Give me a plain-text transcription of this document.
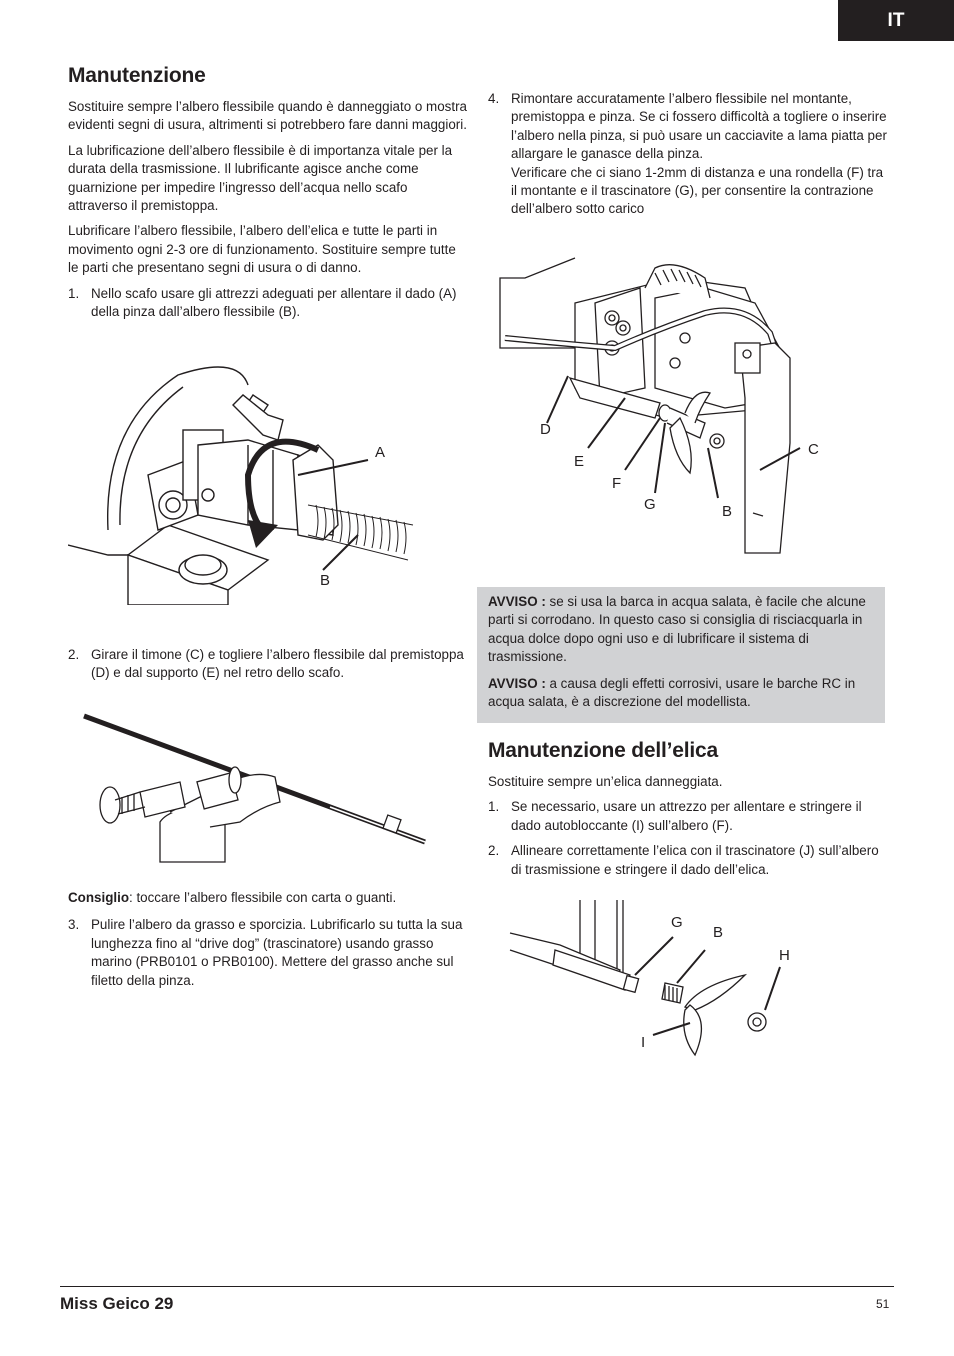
IT
Manutenzione

Sostituire sempre l’albero flessibile quando è danneggiato o mostra evidenti segni di usura, altrimenti si potrebbero fare danni maggiori.

La lubrificazione dell’albero flessibile è di importanza vitale per la durata della trasmissione. Il lubrificante agisce anche come guarnizione per impedire l’ingresso dell’acqua nello scafo attraverso il premistoppa.

Lubrificare l’albero flessibile, l’albero dell’elica e tutte le parti in movimento ogni 2-3 ore di funzionamento. Sostituire sempre tutte le parti che presentano segni di usura o di danno.

1. Nello scafo usare gli attrezzi adeguati per allentare il dado (A) della pinza dall’albero flessibile (B).
A
B
2. Girare il timone (C) e togliere l’albero flessibile dal premistoppa (D) e dal supporto (E) nel retro dello scafo.

Consiglio: toccare l’albero flessibile con carta o guanti.

3. Pulire l’albero da grasso e sporcizia. Lubrificarlo su tutta la sua lunghezza fino al “drive dog” (trascinatore) usando grasso marino (PRB0101 o PRB0100). Mettere del grasso anche sul filetto della pinza.
4. Rimontare accuratamente l’albero flessibile nel montante, premistoppa e pinza. Se ci fossero difficoltà a togliere o inserire l’albero nella pinza, si può usare un cacciavite a lama piatta per allargare le ganasce della pinza.
Verificare che ci siano 1-2mm di distanza e una rondella (F) tra il montante e il trascinatore (G), per consentire la contrazione dell’albero sotto carico
D
E
F
G	B
C

AVVISO : se si usa la barca in acqua salata, è facile che alcune parti si corrodano. In questo caso si consiglia di risciacquarla in acqua dolce dopo ogni uso e di lubrificare il sistema di trasmissione.

AVVISO : a causa degli effetti corrosivi, usare le barche RC in acqua salata, è a discrezione del modellista.

Manutenzione dell’elica

Sostituire sempre un’elica danneggiata.

1. Se necessario, usare un attrezzo per allentare e stringere il dado autobloccante (I) sull’albero (F).
2. Allineare correttamente l’elica con il trascinatore (J) sull’albero di trasmissione e stringere il dado dell’elica.
G
B
H
I
Miss Geico 29	51
